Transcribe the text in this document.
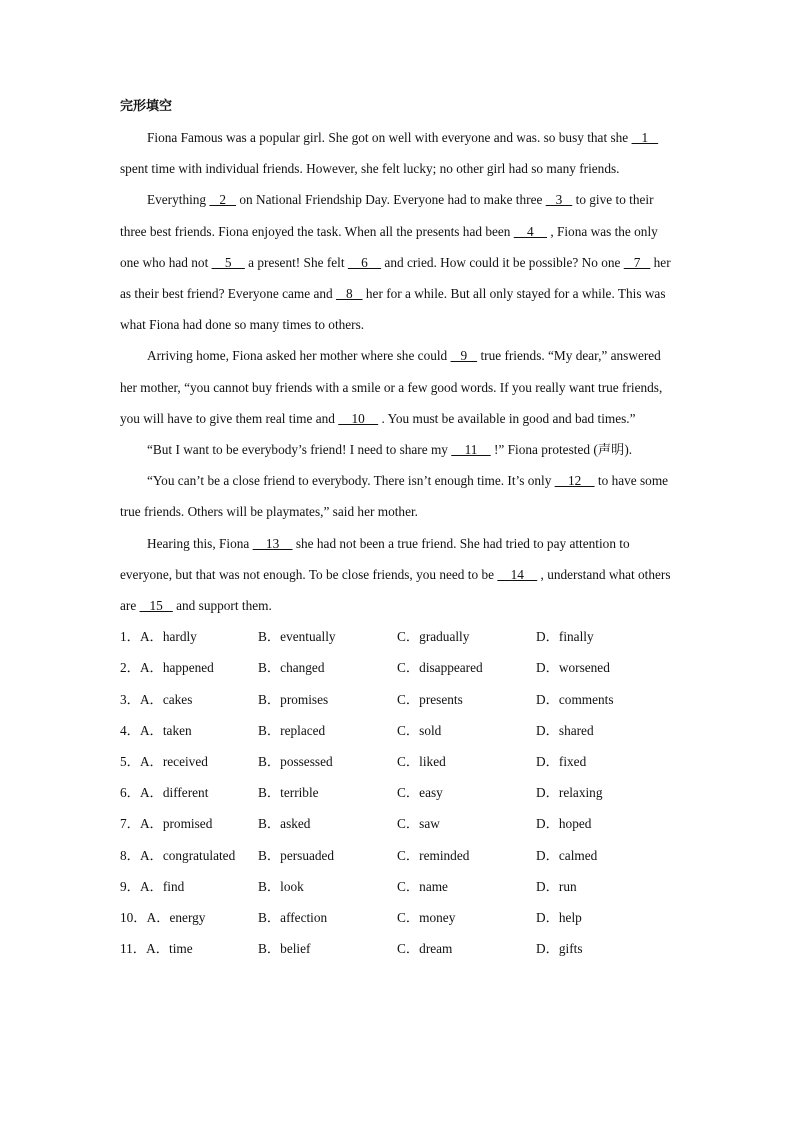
完形填空

Fiona Famous was a popular girl. She got on well with everyone and was. so busy that she    1    spent time with individual friends. However, she felt lucky; no other girl had so many friends.

Everything    2    on National Friendship Day. Everyone had to make three    3    to give to their three best friends. Fiona enjoyed the task. When all the presents had been     4     , Fiona was the only one who had not     5     a present! She felt     6     and cried. How could it be possible? No one    7    her as their best friend? Everyone came and    8    her for a while. But all only stayed for a while. This was what Fiona had done so many times to others.

Arriving home, Fiona asked her mother where she could    9    true friends. “My dear,” answered her mother, “you cannot buy friends with a smile or a few good words. If you really want true friends, you will have to give them real time and     10     . You must be available in good and bad times.”

“But I want to be everybody’s friend! I need to share my     11     !” Fiona protested (声明).

“You can’t be a close friend to everybody. There isn’t enough time. It’s only     12     to have some true friends. Others will be playmates,” said her mother.

Hearing this, Fiona     13     she had not been a true friend. She had tried to pay attention to everyone, but that was not enough. To be close friends, you need to be     14     , understand what others are    15    and support them.

1．A．hardly	B．eventually	C．gradually	D．finally
2．A．happened	B．changed	C．disappeared	D．worsened
3．A．cakes	B．promises	C．presents	D．comments
4．A．taken	B．replaced	C．sold	D．shared
5．A．received	B．possessed	C．liked	D．fixed
6．A．different	B．terrible	C．easy	D．relaxing
7．A．promised	B．asked	C．saw	D．hoped
8．A．congratulated	B．persuaded	C．reminded	D．calmed
9．A．find	B．look	C．name	D．run
10．A．energy	B．affection	C．money	D．help
11．A．time	B．belief	C．dream	D．gifts
